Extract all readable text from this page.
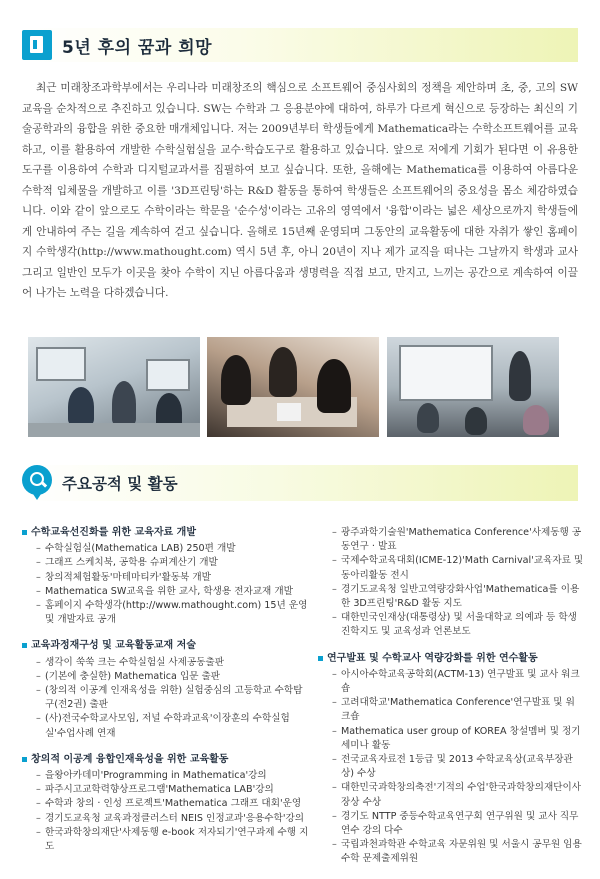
5년 후의 꿈과 희망

최근 미래창조과학부에서는 우리나라 미래창조의 핵심으로 소프트웨어 중심사회의 정책을 제안하며 초, 중, 고의 SW교육을 순차적으로 추진하고 있습니다. SW는 수학과 그 응용분야에 대하여, 하루가 다르게 혁신으로 등장하는 최신의 기술공학과의 융합을 위한 중요한 매개체입니다. 저는 2009년부터 학생들에게 Mathematica라는 수학소프트웨어를 교육하고, 이를 활용하여 개발한 수학실험실을 교수·학습도구로 활용하고 있습니다. 앞으로 저에게 기회가 된다면 이 유용한 도구를 이용하여 수학과 디지털교과서를 집필하여 보고 싶습니다. 또한, 올해에는 Mathematica를 이용하여 아름다운 수학적 입체물을 개발하고 이를 '3D프린팅'하는 R&D 활동을 통하여 학생들은 소프트웨어의 중요성을 몸소 체감하였습니다. 이와 같이 앞으로도 수학이라는 학문을 '순수성'이라는 고유의 영역에서 '융합'이라는 넓은 세상으로까지 학생들에게 안내하여 주는 길을 계속하여 걷고 싶습니다. 올해로 15년째 운영되며 그동안의 교육활동에 대한 자취가 쌓인 홈페이지 수학생각(http://www.mathought.com) 역시 5년 후, 아니 20년이 지나 제가 교직을 떠나는 그날까지 학생과 교사 그리고 일반인 모두가 이곳을 찾아 수학이 지닌 아름다움과 생명력을 직접 보고, 만지고, 느끼는 공간으로 계속하여 이끌어 나가는 노력을 다하겠습니다.

주요공적 및 활동
수학교육선진화를 위한 교육자료 개발
– 수학실험실(Mathematica LAB) 250편 개발
– 그래프 스케치북, 공학용 슈퍼계산기 개발
– 창의적체험활동'마테마티카'활동북 개발
– Mathematica SW교육을 위한 교사, 학생용 전자교재 개발
– 홈페이지 수학생각(http://www.mathought.com) 15년 운영 및 개발자료 공개
교육과정재구성 및 교육활동교재 저술
– 생각이 쑥쑥 크는 수학실험실 사제공동출판
– (기본에 충실한) Mathematica 입문 출판
– (창의적 이공계 인재육성을 위한) 실험중심의 고등학교 수학탐구(전2권) 출판
– (사)전국수학교사모임, 저널 수학과교육'이장훈의 수학실험실'수업사례 연재
창의적 이공계 융합인재육성을 위한 교육활동
– 을왕아카데미'Programming in Mathematica'강의
– 파주시고교학력향상프로그램'Mathematica LAB'강의
– 수학과 창의 · 인성 프로젝트'Mathematica 그래프 대회'운영
– 경기도교육청 교육과정클러스터 NEIS 인정교과'응용수학'강의
– 한국과학창의재단'사제동행 e-book 저자되기'연구과제 수행 지도
– 광주과학기술원'Mathematica Conference'사제동행 공동연구 · 발표
– 국제수학교육대회(ICME-12)'Math Carnival'교육자료 및 동아리활동 전시
– 경기도교육청 일반고역량강화사업'Mathematica를 이용한 3D프린팅'R&D 활동 지도
– 대한민국인재상(대통령상) 및 서울대학교 의예과 등 학생진학지도 및 교육성과 언론보도
연구발표 및 수학교사 역량강화를 위한 연수활동
– 아시아수학교육공학회(ACTM-13) 연구발표 및 교사 워크숍
– 고려대학교'Mathematica Conference'연구발표 및 워크숍
– Mathematica user group of KOREA 창설멤버 및 정기 세미나 활동
– 전국교육자료전 1등급 및 2013 수학교육상(교육부장관상) 수상
– 대한민국과학창의축전'기적의 수업'한국과학창의재단이사장상 수상
– 경기도 NTTP 중등수학교육연구회 연구위원 및 교사 직무연수 강의 다수
– 국립과천과학관 수학교육 자문위원 및 서울시 공무원 임용수학 문제출제위원
